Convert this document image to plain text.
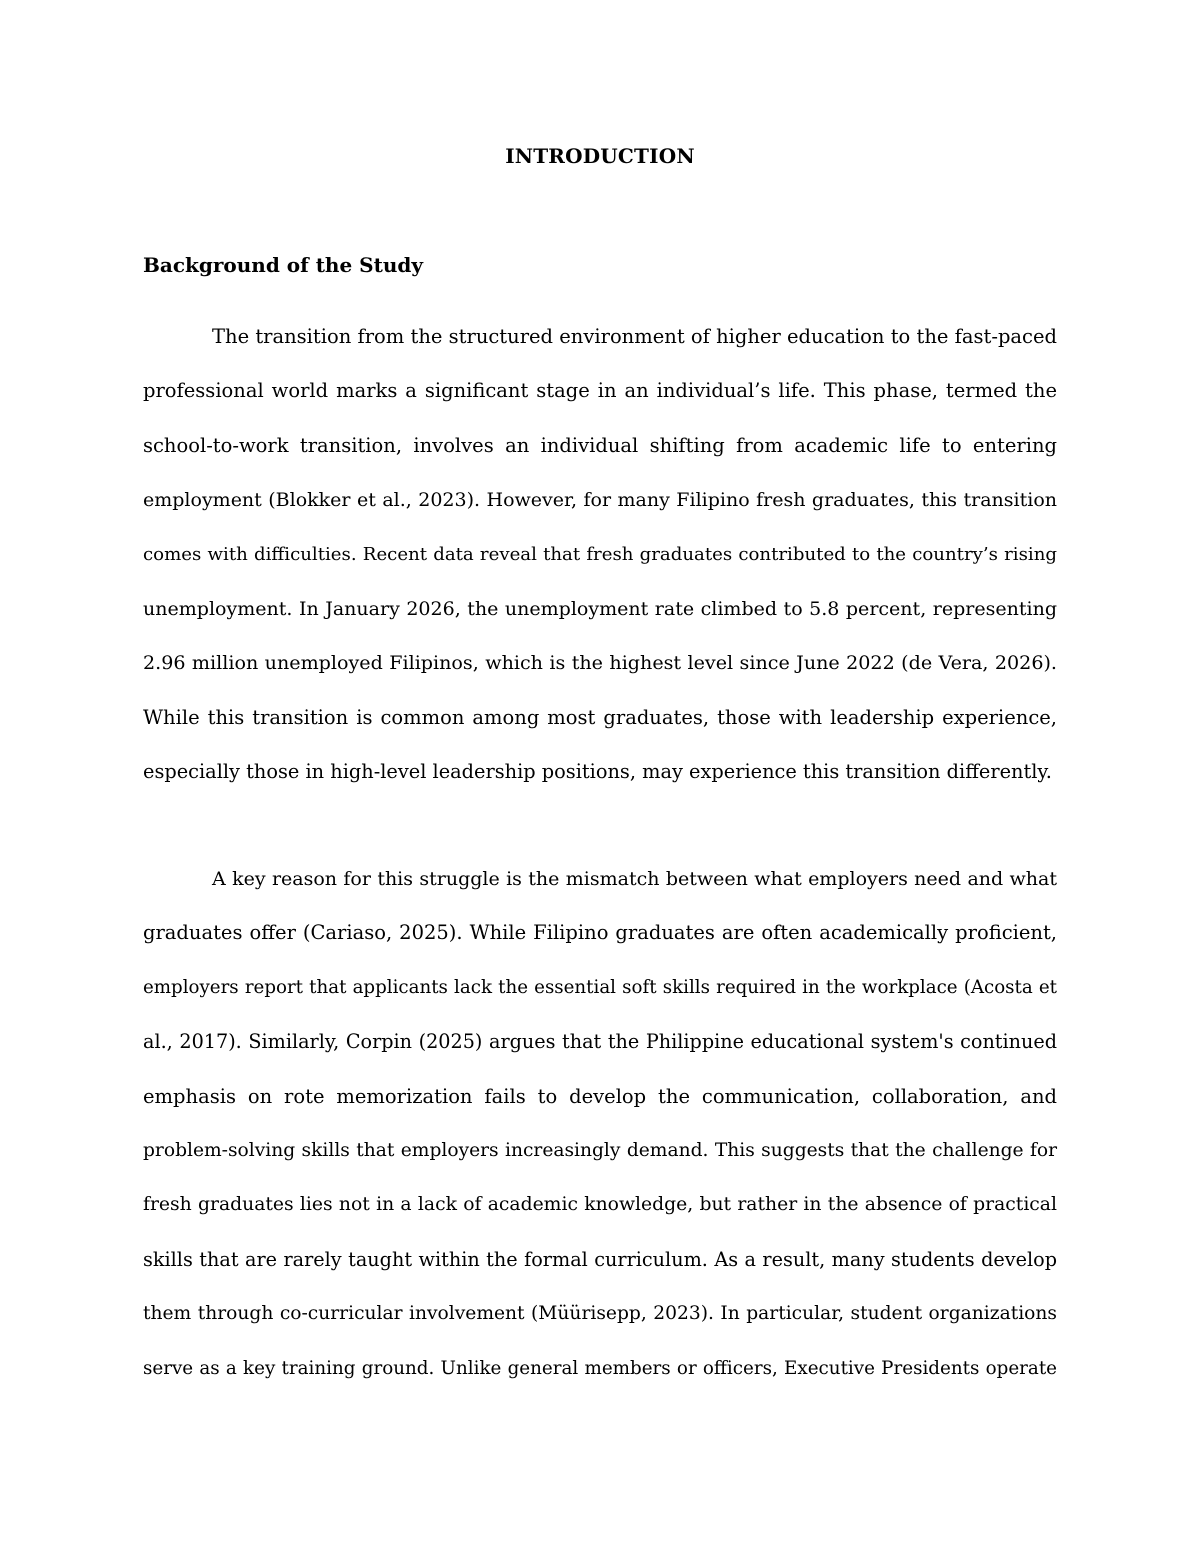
INTRODUCTION
Background of the Study
The transition from the structured environment of higher education to the fast-paced
professional world marks a significant stage in an individual’s life. This phase, termed the
school-to-work transition, involves an individual shifting from academic life to entering
employment (Blokker et al., 2023). However, for many Filipino fresh graduates, this transition
comes with difficulties. Recent data reveal that fresh graduates contributed to the country’s rising
unemployment. In January 2026, the unemployment rate climbed to 5.8 percent, representing
2.96 million unemployed Filipinos, which is the highest level since June 2022 (de Vera, 2026).
While this transition is common among most graduates, those with leadership experience,
especially those in high-level leadership positions, may experience this transition differently.
A key reason for this struggle is the mismatch between what employers need and what
graduates offer (Cariaso, 2025). While Filipino graduates are often academically proficient,
employers report that applicants lack the essential soft skills required in the workplace (Acosta et
al., 2017). Similarly, Corpin (2025) argues that the Philippine educational system's continued
emphasis on rote memorization fails to develop the communication, collaboration, and
problem-solving skills that employers increasingly demand. This suggests that the challenge for
fresh graduates lies not in a lack of academic knowledge, but rather in the absence of practical
skills that are rarely taught within the formal curriculum. As a result, many students develop
them through co-curricular involvement (Müürisepp, 2023). In particular, student organizations
serve as a key training ground. Unlike general members or officers, Executive Presidents operate
